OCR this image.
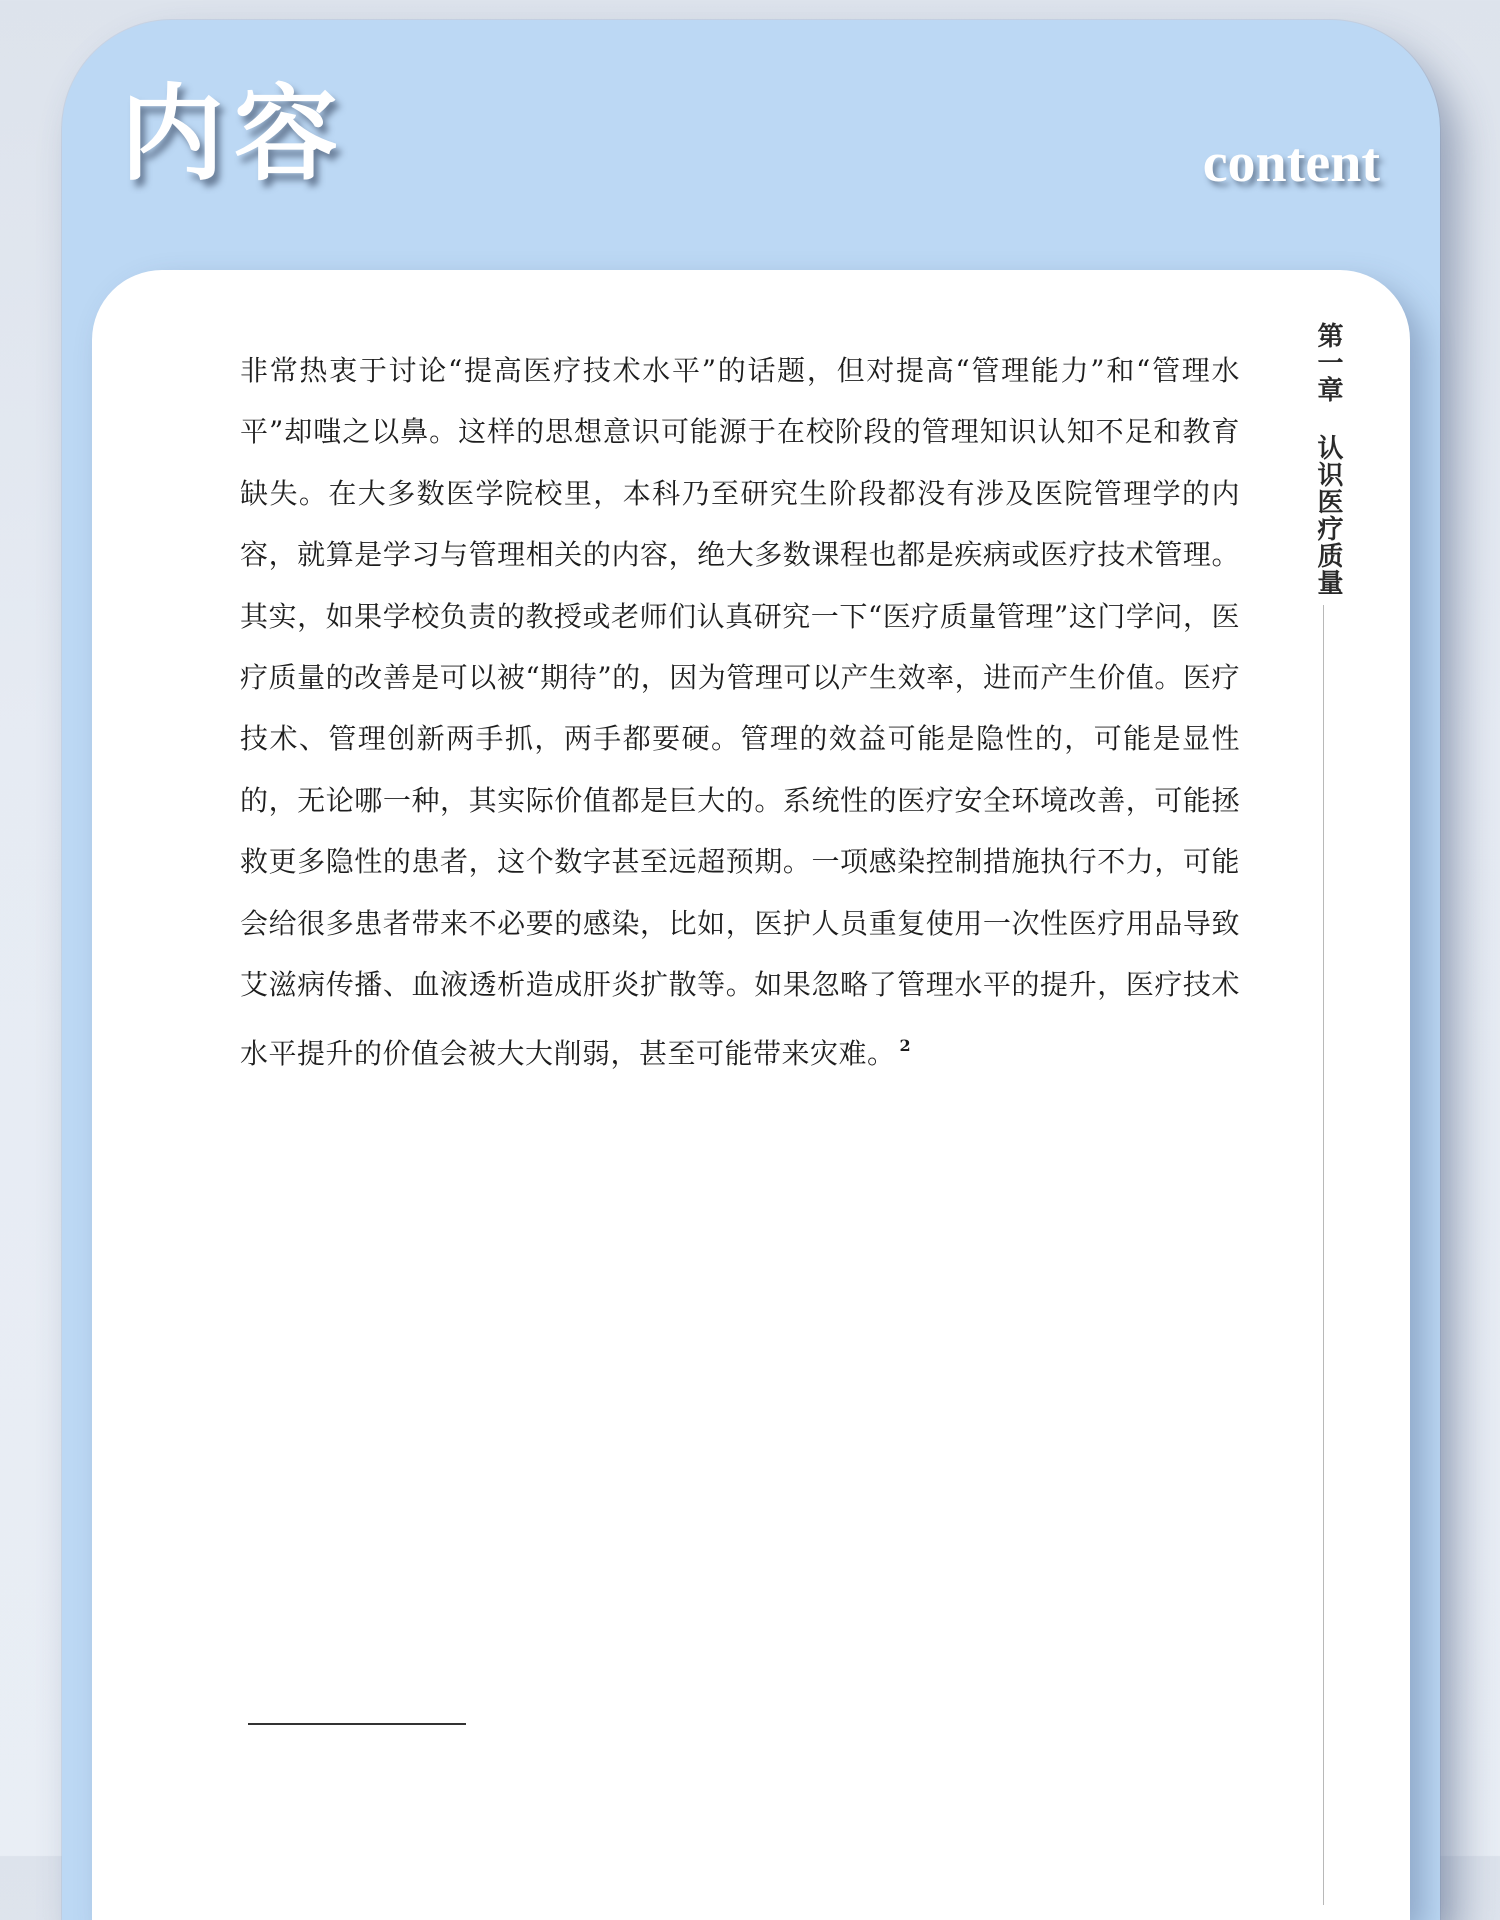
内容	content

非常热衷于讨论“提高医疗技术水平”的话题，但对提高“管理能力”和“管理水平”却嗤之以鼻。这样的思想意识可能源于在校阶段的管理知识认知不足和教育缺失。在大多数医学院校里，本科乃至研究生阶段都没有涉及医院管理学的内容，就算是学习与管理相关的内容，绝大多数课程也都是疾病或医疗技术管理。其实，如果学校负责的教授或老师们认真研究一下“医疗质量管理”这门学问，医疗质量的改善是可以被“期待”的，因为管理可以产生效率，进而产生价值。医疗技术、管理创新两手抓，两手都要硬。管理的效益可能是隐性的，可能是显性的，无论哪一种，其实际价值都是巨大的。系统性的医疗安全环境改善，可能拯救更多隐性的患者，这个数字甚至远超预期。一项感染控制措施执行不力，可能会给很多患者带来不必要的感染，比如，医护人员重复使用一次性医疗用品导致艾滋病传播、血液透析造成肝炎扩散等。如果忽略了管理水平的提升，医疗技术水平提升的价值会被大大削弱，甚至可能带来灾难。 $^2$

第一章 认识医疗质量
